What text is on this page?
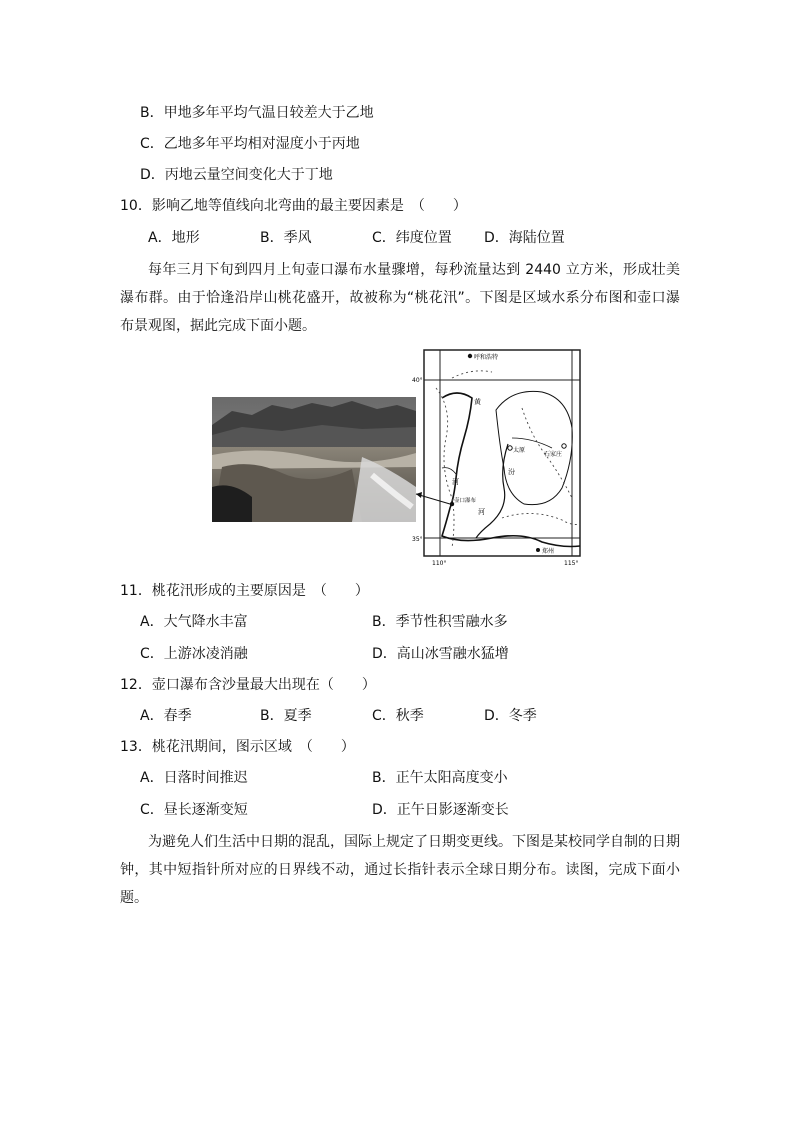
B．甲地多年平均气温日较差大于乙地
C．乙地多年平均相对湿度小于丙地
D．丙地云量空间变化大于丁地
10．影响乙地等值线向北弯曲的最主要因素是　（　　）
A．地形	B．季风	C．纬度位置 D．海陆位置

每年三月下旬到四月上旬壶口瀑布水量骤增，每秒流量达到 2440 立方米，形成壮美瀑布群。由于恰逢沿岸山桃花盛开，故被称为“桃花汛”。下图是区域水系分布图和壶口瀑布景观图，据此完成下面小题。

呼和浩特
太原
石家庄
壶口瀑布
郑州
黄
河
汾
河
40°
35°
110°	115°
11．桃花汛形成的主要原因是　（　　）
A．大气降水丰富	B．季节性积雪融水多
C．上游冰凌消融	D．高山冰雪融水猛增
12．壶口瀑布含沙量最大出现在（　　）
A．春季	B．夏季	C．秋季	D．冬季
13．桃花汛期间，图示区域　（　　）
A．日落时间推迟	B．正午太阳高度变小
C．昼长逐渐变短	D．正午日影逐渐变长

为避免人们生活中日期的混乱，国际上规定了日期变更线。下图是某校同学自制的日期钟，其中短指针所对应的日界线不动，通过长指针表示全球日期分布。读图，完成下面小题。
